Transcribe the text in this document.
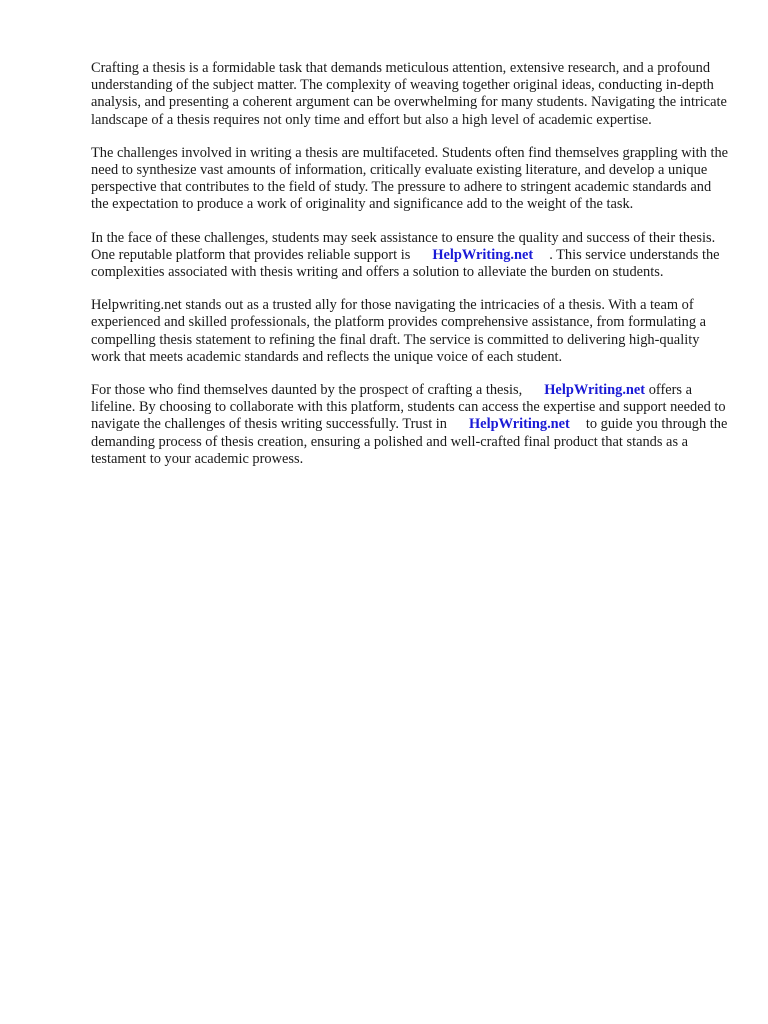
Crafting a thesis is a formidable task that demands meticulous attention, extensive research, and a profound understanding of the subject matter. The complexity of weaving together original ideas, conducting in-depth analysis, and presenting a coherent argument can be overwhelming for many students. Navigating the intricate landscape of a thesis requires not only time and effort but also a high level of academic expertise.

The challenges involved in writing a thesis are multifaceted. Students often find themselves grappling with the need to synthesize vast amounts of information, critically evaluate existing literature, and develop a unique perspective that contributes to the field of study. The pressure to adhere to stringent academic standards and the expectation to produce a work of originality and significance add to the weight of the task.

In the face of these challenges, students may seek assistance to ensure the quality and success of their thesis. One reputable platform that provides reliable support is HelpWriting.net . This service understands the complexities associated with thesis writing and offers a solution to alleviate the burden on students.

Helpwriting.net stands out as a trusted ally for those navigating the intricacies of a thesis. With a team of experienced and skilled professionals, the platform provides comprehensive assistance, from formulating a compelling thesis statement to refining the final draft. The service is committed to delivering high-quality work that meets academic standards and reflects the unique voice of each student.

For those who find themselves daunted by the prospect of crafting a thesis, HelpWriting.net offers a lifeline. By choosing to collaborate with this platform, students can access the expertise and support needed to navigate the challenges of thesis writing successfully. Trust in HelpWriting.net to guide you through the demanding process of thesis creation, ensuring a polished and well-crafted final product that stands as a testament to your academic prowess.
